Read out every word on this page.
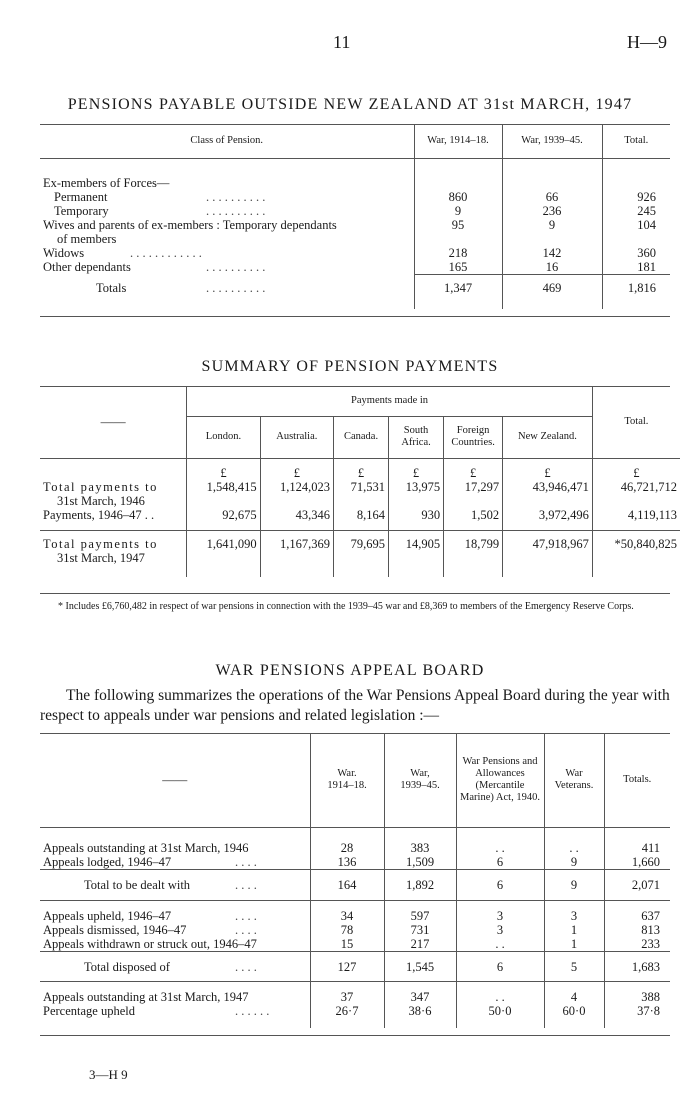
11	H—9
PENSIONS PAYABLE OUTSIDE NEW ZEALAND AT 31st MARCH, 1947
Class of Pension.	War, 1914–18.	War, 1939–45.	Total.

Ex-members of Forces—			
Permanent . . . . . . . . . .	860	66	926
Temporary . . . . . . . . . .	9	236	245

Wives and parents of ex-members : Temporary dependants
of members	95	9	104
Widows . . . . . . . . . . . .	218	142	360
Other dependants . . . . . . . . . .	165	16	181
Totals . . . . . . . . . .	1,347	469	1,816

SUMMARY OF PENSION PAYMENTS
——	Payments made in						Total.
	London.	Australia.	Canada.	South Africa.	Foreign Countries.	New Zealand.	
	£	£	£	£	£	£	£

Total payments to
31st March, 1946	1,548,415	1,124,023	71,531	13,975	17,297	43,946,471	46,721,712
Payments, 1946–47 . .	92,675	43,346	8,164	930	1,502	3,972,496	4,119,113

Total payments to
31st March, 1947	1,641,090	1,167,369	79,695	14,905	18,799	47,918,967	*50,840,825

* Includes £6,760,482 in respect of war pensions in connection with the 1939–45 war and £8,369 to members of the Emergency Reserve Corps.
WAR PENSIONS APPEAL BOARD
The following summarizes the operations of the War Pensions Appeal Board during the year with respect to appeals under war pensions and related legislation :—
——	War. 1914–18.	War, 1939–45.	War Pensions and Allowances (Mercantile Marine) Act, 1940.	War Veterans.	Totals.

Appeals outstanding at 31st March, 1946	28	383	. .	. .	411
Appeals lodged, 1946–47 . . . .	136	1,509	6	9	1,660
Total to be dealt with . . . .	164	1,892	6	9	2,071

Appeals upheld, 1946–47 . . . .	34	597	3	3	637
Appeals dismissed, 1946–47 . . . .	78	731	3	1	813
Appeals withdrawn or struck out, 1946–47	15	217	. .	1	233
Total disposed of . . . .	127	1,545	6	5	1,683

Appeals outstanding at 31st March, 1947	37	347	. .	4	388
Percentage upheld . . . . . .	26·7	38·6	50·0	60·0	37·8

3—H 9
